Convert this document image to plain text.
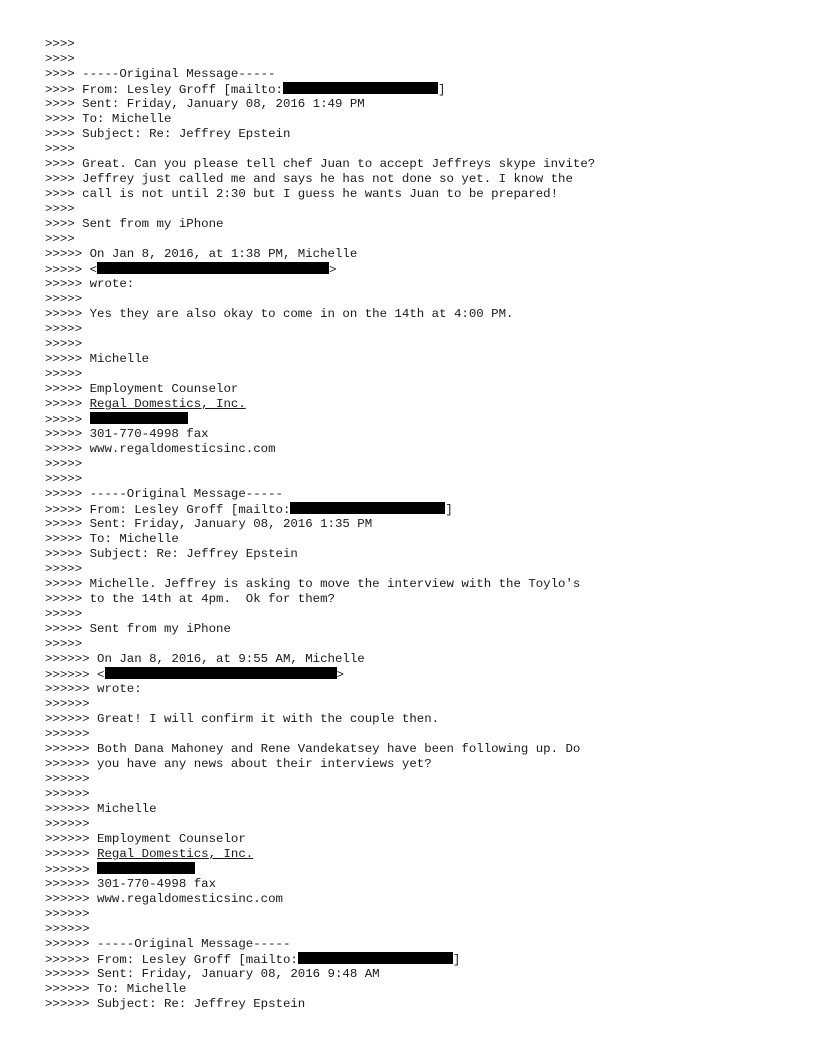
>>>>
>>>>
>>>> -----Original Message-----
>>>> From: Lesley Groff [mailto:	]
>>>> Sent: Friday, January 08, 2016 1:49 PM
>>>> To: Michelle
>>>> Subject: Re: Jeffrey Epstein
>>>>
>>>> Great. Can you please tell chef Juan to accept Jeffreys skype invite?
>>>> Jeffrey just called me and says he has not done so yet. I know the
>>>> call is not until 2:30 but I guess he wants Juan to be prepared!
>>>>
>>>> Sent from my iPhone
>>>>
>>>>> On Jan 8, 2016, at 1:38 PM, Michelle
>>>>> <	>
>>>>> wrote:
>>>>>
>>>>> Yes they are also okay to come in on the 14th at 4:00 PM.
>>>>>
>>>>>
>>>>> Michelle
>>>>>
>>>>> Employment Counselor
>>>>> Regal Domestics, Inc.
>>>>>
>>>>> 301-770-4998 fax
>>>>> www.regaldomesticsinc.com
>>>>>
>>>>>
>>>>> -----Original Message-----
>>>>> From: Lesley Groff [mailto:	]
>>>>> Sent: Friday, January 08, 2016 1:35 PM
>>>>> To: Michelle
>>>>> Subject: Re: Jeffrey Epstein
>>>>>
>>>>> Michelle. Jeffrey is asking to move the interview with the Toylo's
>>>>> to the 14th at 4pm.  Ok for them?
>>>>>
>>>>> Sent from my iPhone
>>>>>
>>>>>> On Jan 8, 2016, at 9:55 AM, Michelle
>>>>>> <	>
>>>>>> wrote:
>>>>>>
>>>>>> Great! I will confirm it with the couple then.
>>>>>>
>>>>>> Both Dana Mahoney and Rene Vandekatsey have been following up. Do
>>>>>> you have any news about their interviews yet?
>>>>>>
>>>>>>
>>>>>> Michelle
>>>>>>
>>>>>> Employment Counselor
>>>>>> Regal Domestics, Inc.
>>>>>>
>>>>>> 301-770-4998 fax
>>>>>> www.regaldomesticsinc.com
>>>>>>
>>>>>>
>>>>>> -----Original Message-----
>>>>>> From: Lesley Groff [mailto:	]
>>>>>> Sent: Friday, January 08, 2016 9:48 AM
>>>>>> To: Michelle
>>>>>> Subject: Re: Jeffrey Epstein
